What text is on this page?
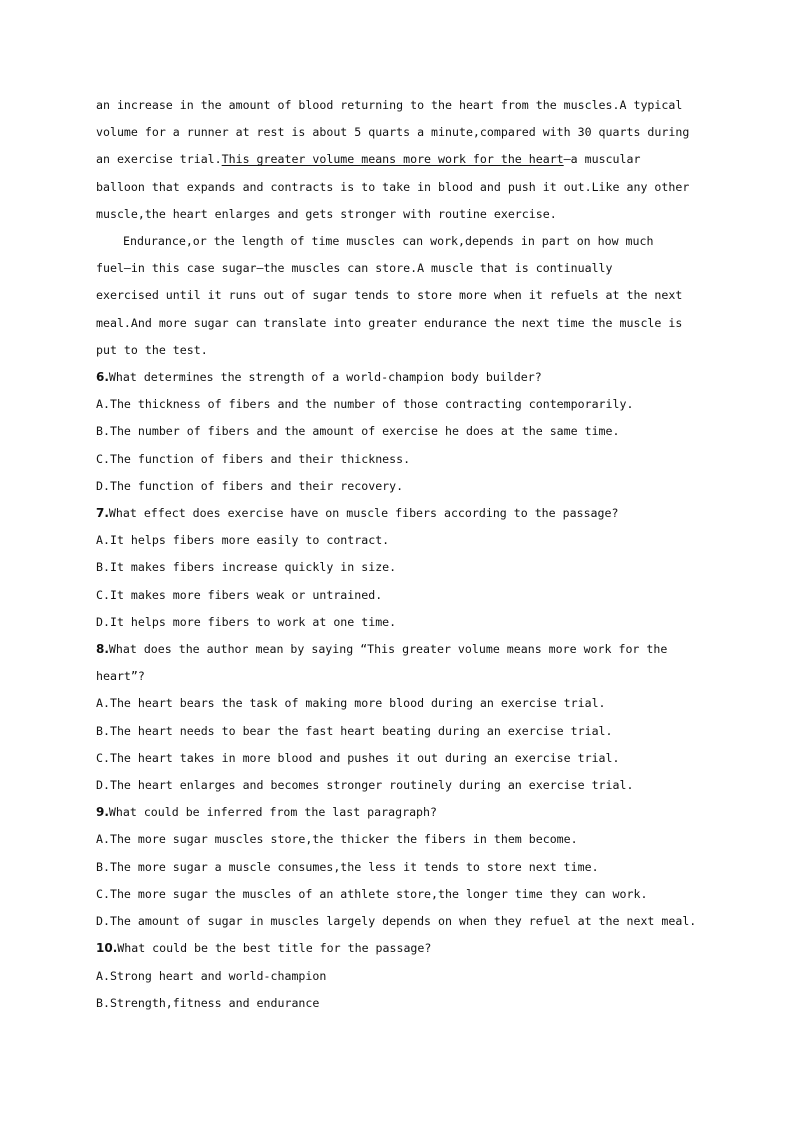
an increase in the amount of blood returning to the heart from the muscles.A typical
volume for a runner at rest is about 5 quarts a minute,compared with 30 quarts during
an exercise trial.This greater volume means more work for the heart—a muscular
balloon that expands and contracts is to take in blood and push it out.Like any other
muscle,the heart enlarges and gets stronger with routine exercise.
Endurance,or the length of time muscles can work,depends in part on how much
fuel—in this case sugar—the muscles can store.A muscle that is continually
exercised until it runs out of sugar tends to store more when it refuels at the next
meal.And more sugar can translate into greater endurance the next time the muscle is
put to the test.
6.What determines the strength of a world-champion body builder?
A.The thickness of fibers and the number of those contracting contemporarily.
B.The number of fibers and the amount of exercise he does at the same time.
C.The function of fibers and their thickness.
D.The function of fibers and their recovery.
7.What effect does exercise have on muscle fibers according to the passage?
A.It helps fibers more easily to contract.
B.It makes fibers increase quickly in size.
C.It makes more fibers weak or untrained.
D.It helps more fibers to work at one time.
8.What does the author mean by saying “This greater volume means more work for the
heart”?
A.The heart bears the task of making more blood during an exercise trial.
B.The heart needs to bear the fast heart beating during an exercise trial.
C.The heart takes in more blood and pushes it out during an exercise trial.
D.The heart enlarges and becomes stronger routinely during an exercise trial.
9.What could be inferred from the last paragraph?
A.The more sugar muscles store,the thicker the fibers in them become.
B.The more sugar a muscle consumes,the less it tends to store next time.
C.The more sugar the muscles of an athlete store,the longer time they can work.
D.The amount of sugar in muscles largely depends on when they refuel at the next meal.
10.What could be the best title for the passage?
A.Strong heart and world-champion
B.Strength,fitness and endurance
